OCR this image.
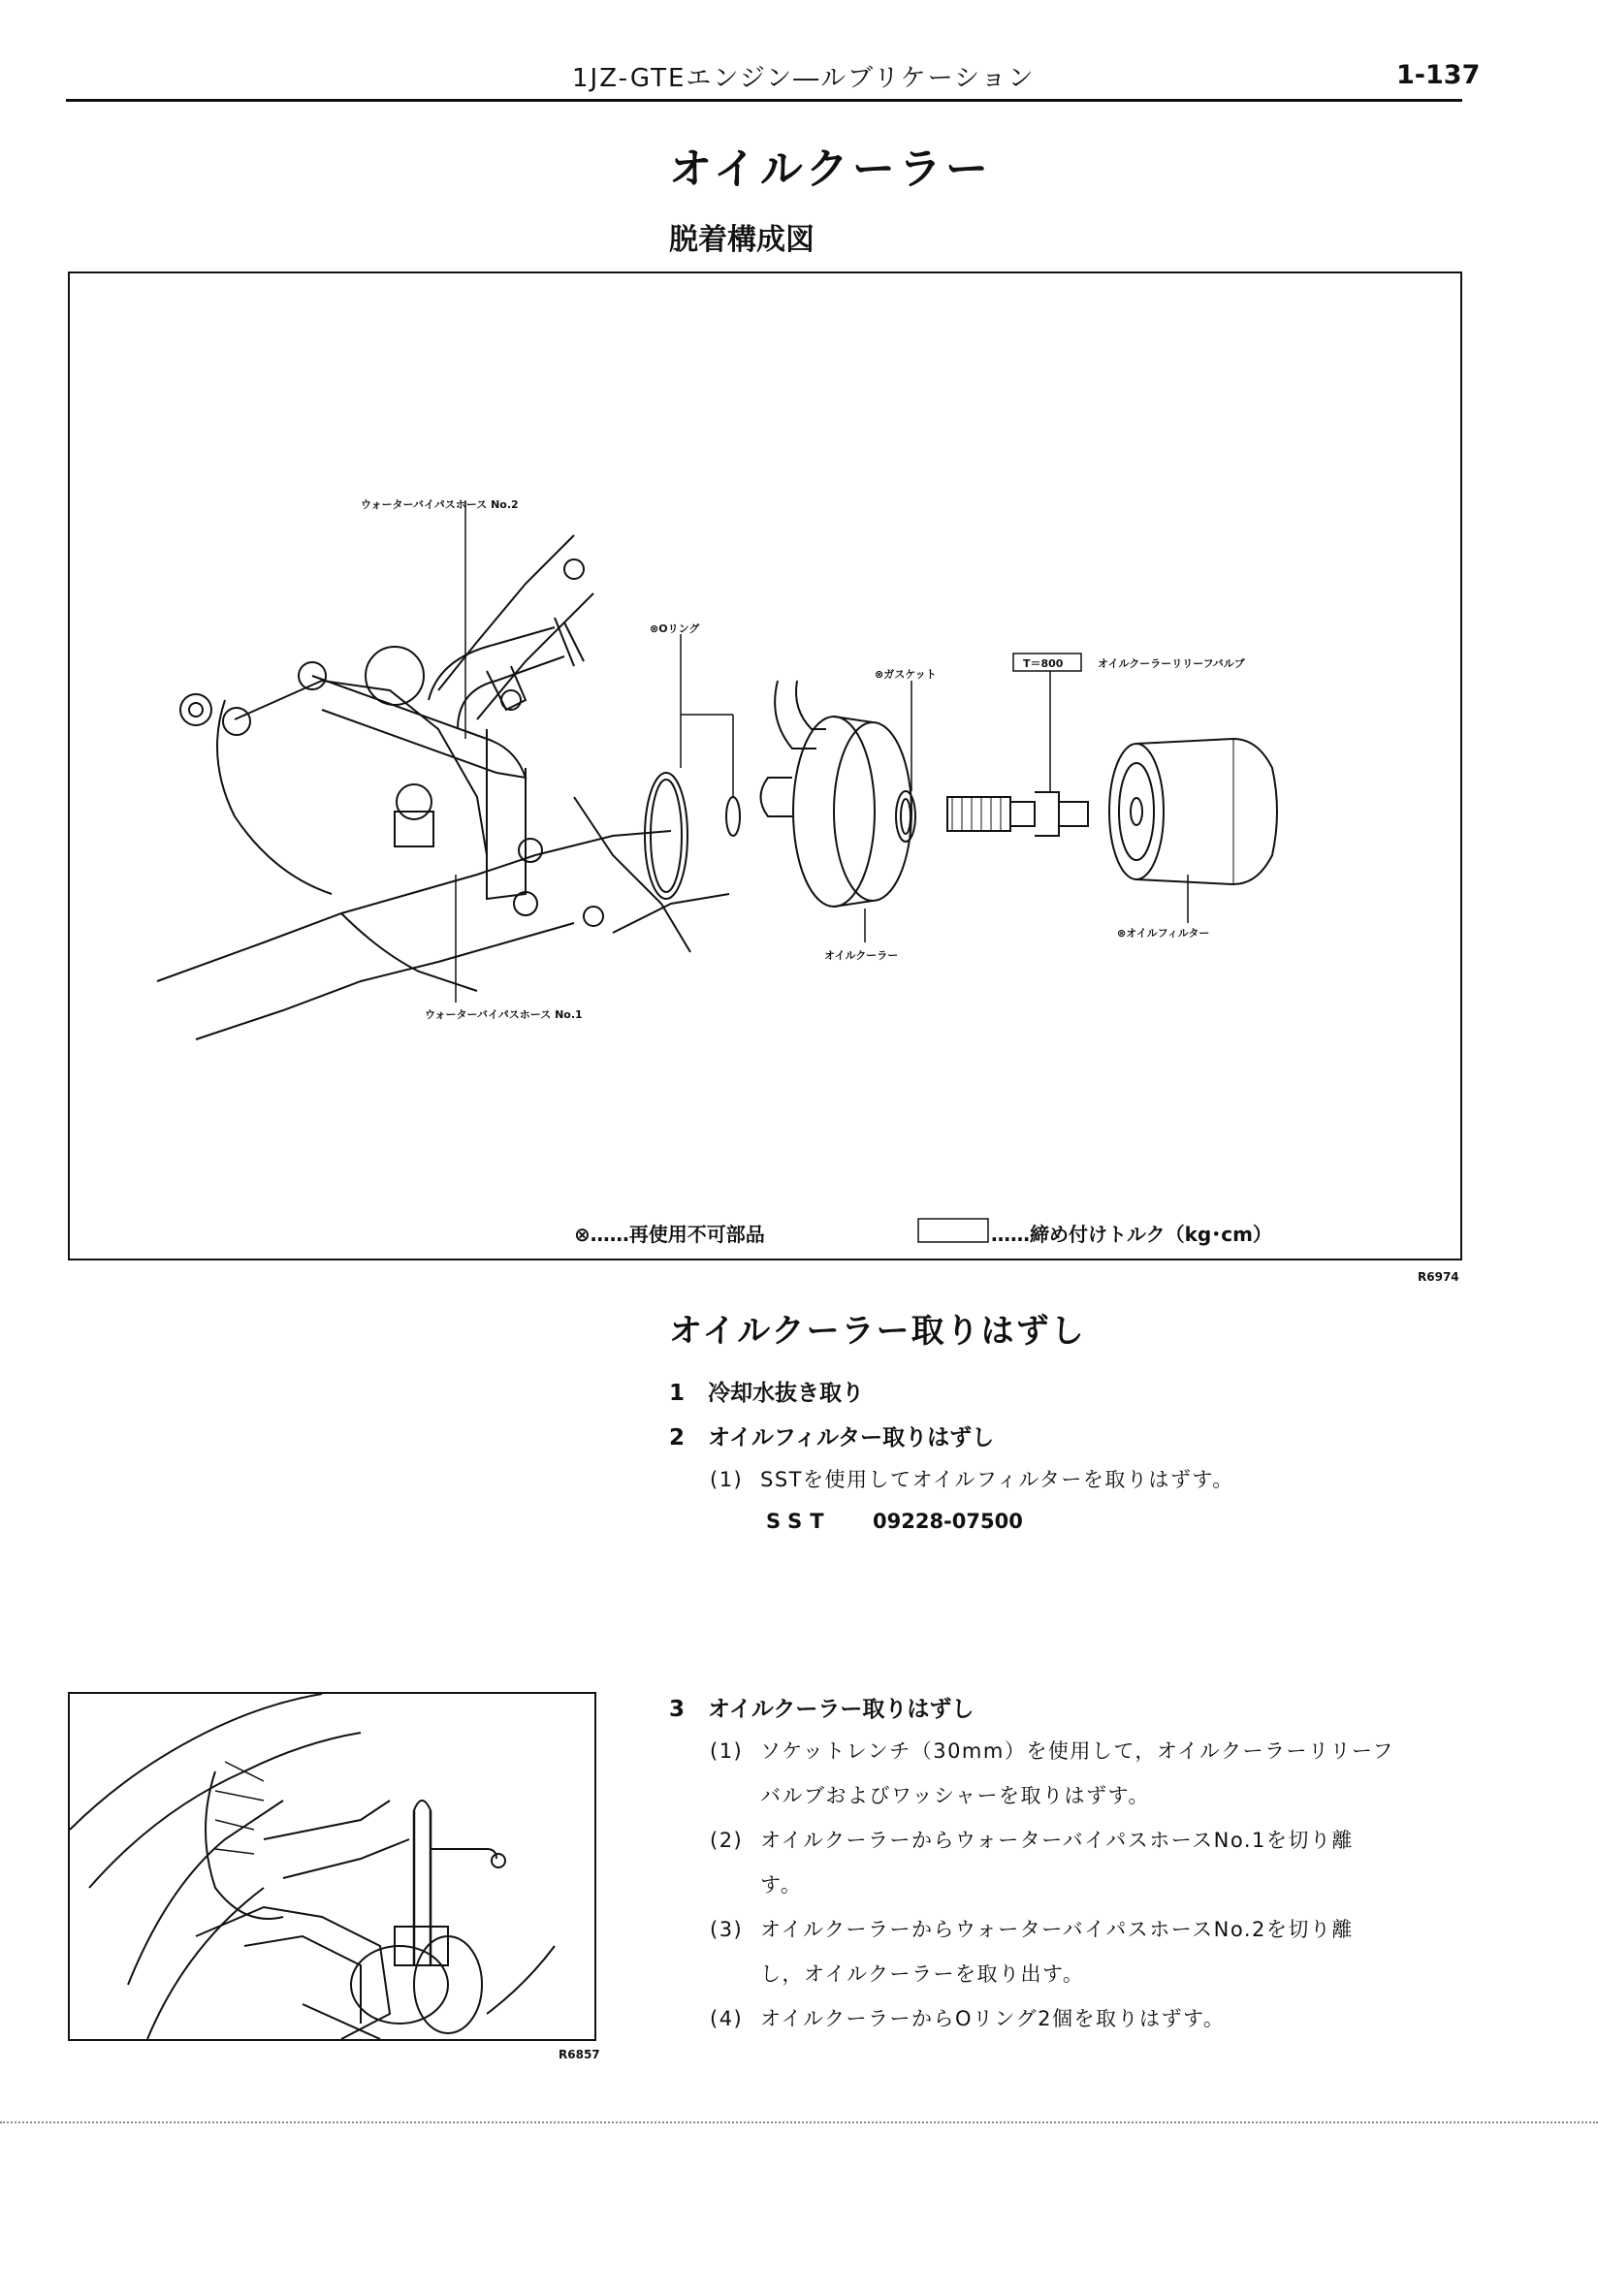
1JZ-GTEエンジン―ルブリケーション	1-137
オイルクーラー
脱着構成図
ウォーターバイパスホース No.2
ウォーターバイパスホース No.1
⊗Oリング
⊗ガスケット
T＝800	オイルクーラーリリーフバルブ
オイルクーラー
⊗オイルフィルター
⊗……再使用不可部品	……締め付けトルク（kg･cm）
R6974
オイルクーラー取りはずし
1 冷却水抜き取り
2 オイルフィルター取りはずし
(1) SSTを使用してオイルフィルターを取りはずす。
SST 09228-07500
3 オイルクーラー取りはずし
(1) ソケットレンチ（30mm）を使用して，オイルクーラーリリーフ
バルブおよびワッシャーを取りはずす。
(2) オイルクーラーからウォーターバイパスホースNo.1を切り離
す。
(3) オイルクーラーからウォーターバイパスホースNo.2を切り離
し，オイルクーラーを取り出す。
(4) オイルクーラーからOリング2個を取りはずす。
R6857
